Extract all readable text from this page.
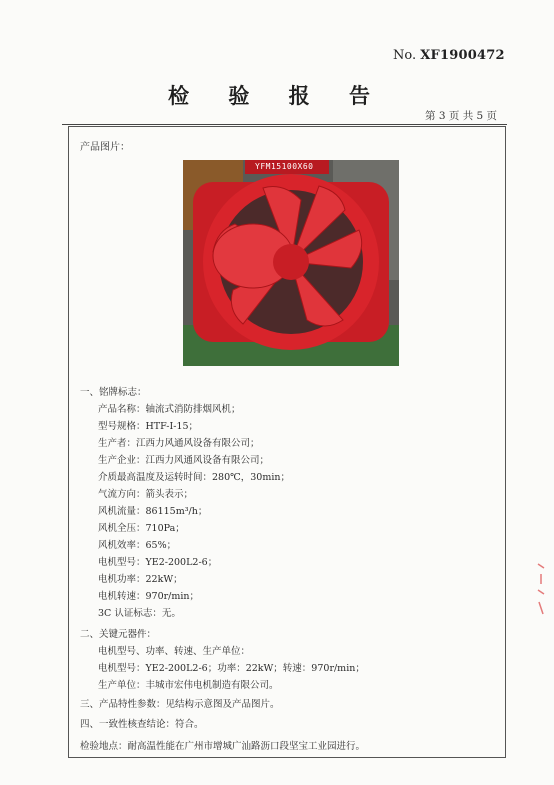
No. XF1900472
检 验 报 告
第 3 页 共 5 页
产品图片：
YFM15100X60
一、铭牌标志：
产品名称：轴流式消防排烟风机；
型号规格：HTF-I-15；
生产者：江西力风通风设备有限公司；
生产企业：江西力风通风设备有限公司；
介质最高温度及运转时间：280℃，30min；
气流方向：箭头表示；
风机流量：86115m³/h；
风机全压：710Pa；
风机效率：65%；
电机型号：YE2-200L2-6；
电机功率：22kW；
电机转速：970r/min；
3C 认证标志：无。
二、关键元器件：
电机型号、功率、转速、生产单位：
电机型号：YE2-200L2-6；功率：22kW；转速：970r/min；
生产单位：丰城市宏伟电机制造有限公司。
三、产品特性参数：见结构示意图及产品图片。
四、一致性核查结论：符合。
检验地点：耐高温性能在广州市增城广汕路沥口段坚宝工业园进行。
